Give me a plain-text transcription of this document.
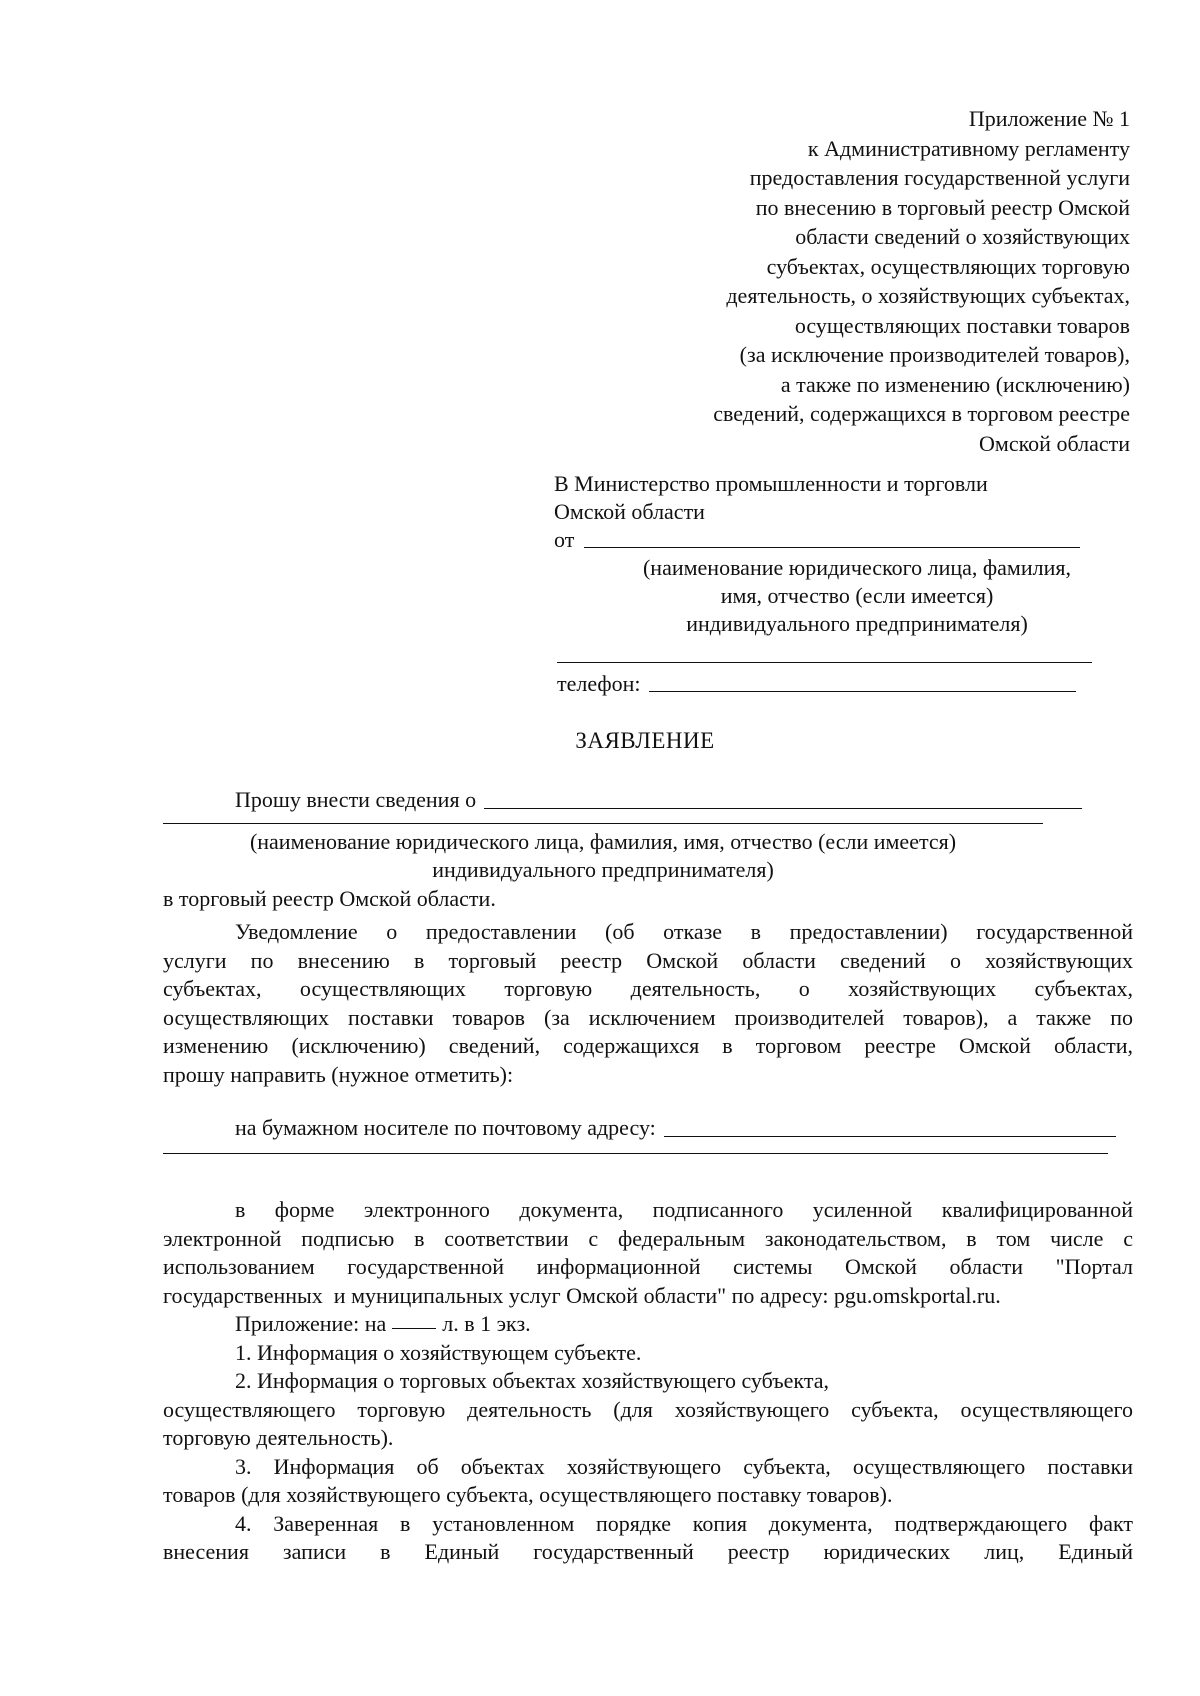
Приложение № 1
к Административному регламенту
предоставления государственной услуги
по внесению в торговый реестр Омской
области сведений о хозяйствующих
субъектах, осуществляющих торговую
деятельность, о хозяйствующих субъектах,
осуществляющих поставки товаров
(за исключение производителей товаров),
а также по изменению (исключению)
сведений, содержащихся в торговом реестре
Омской области
В Министерство промышленности и торговли
Омской области
от
(наименование юридического лица, фамилия,
имя, отчество (если имеется)
индивидуального предпринимателя)
телефон:
ЗАЯВЛЕНИЕ
Прошу внести сведения о
(наименование юридического лица, фамилия, имя, отчество (если имеется)
индивидуального предпринимателя)
в торговый реестр Омской области.
Уведомление о предоставлении (об отказе в предоставлении) государственной
услуги по внесению в торговый реестр Омской области сведений о хозяйствующих
субъектах, осуществляющих торговую деятельность, о хозяйствующих субъектах,
осуществляющих поставки товаров (за исключением производителей товаров), а также по
изменению (исключению) сведений, содержащихся в торговом реестре Омской области,
прошу направить (нужное отметить):
на бумажном носителе по почтовому адресу:
в форме электронного документа, подписанного усиленной квалифицированной
электронной подписью в соответствии с федеральным законодательством, в том числе с
использованием государственной информационной системы Омской области "Портал
государственных  и муниципальных услуг Омской области" по адресу: pgu.omskportal.ru.
Приложение: на	л. в 1 экз.
1. Информация о хозяйствующем субъекте.
2. Информация о торговых объектах хозяйствующего субъекта,
осуществляющего торговую деятельность (для хозяйствующего субъекта, осуществляющего
торговую деятельность).
3. Информация об объектах хозяйствующего субъекта, осуществляющего поставки
товаров (для хозяйствующего субъекта, осуществляющего поставку товаров).
4. Заверенная в установленном порядке копия документа, подтверждающего факт
внесения записи в Единый государственный реестр юридических лиц, Единый
